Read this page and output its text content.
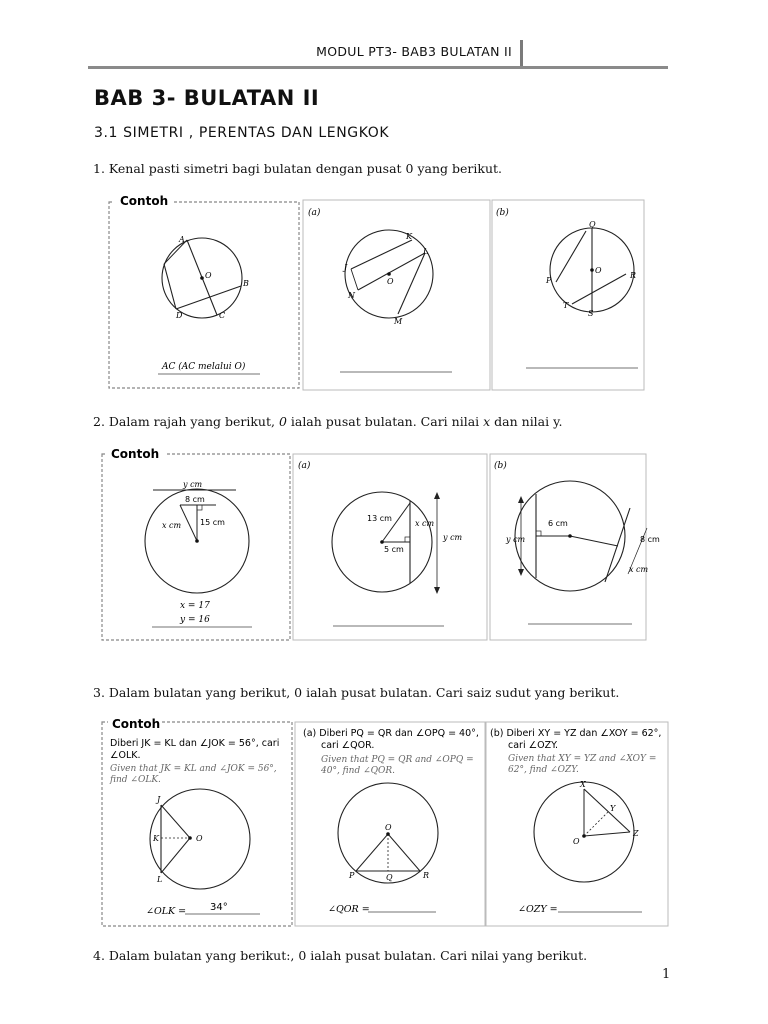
MODUL PT3- BAB3 BULATAN II
BAB 3- BULATAN II
3.1 SIMETRI , PERENTAS DAN LENGKOK
1. Kenal pasti simetri bagi bulatan dengan pusat 0 yang berikut.
Contoh
A
O
B
D	C
AC (AC melalui O)
(a)
K
L
J
O
N
M
(b)
Q
P
O
R
T
S
2. Dalam rajah yang berikut, 0 ialah pusat bulatan. Cari nilai x dan nilai y.
Contoh
y cm
8 cm
x cm 15 cm
x = 17
y = 16
(a)
13 cm
x cm
y cm
5 cm
(b)
6 cm
y cm	8 cm
x cm
3. Dalam bulatan yang berikut, 0 ialah pusat bulatan. Cari saiz sudut yang berikut.
Contoh
Diberi JK = KL dan ∠JOK = 56°, cari
∠OLK.
Given that JK = KL and ∠JOK = 56°,
find ∠OLK.
J
K	O
L
∠OLK = 34°
(a) Diberi PQ = QR dan ∠OPQ = 40°,
cari ∠QOR.
Given that PQ = QR and ∠OPQ =
40°, find ∠QOR.
O
P	Q	R
∠QOR =
(b) Diberi XY = YZ dan ∠XOY = 62°,
cari ∠OZY.
Given that XY = YZ and ∠XOY =
62°, find ∠OZY.
X
Y
Z
O
∠OZY =
4. Dalam bulatan yang berikut:, 0 ialah pusat bulatan. Cari nilai yang berikut.
1
